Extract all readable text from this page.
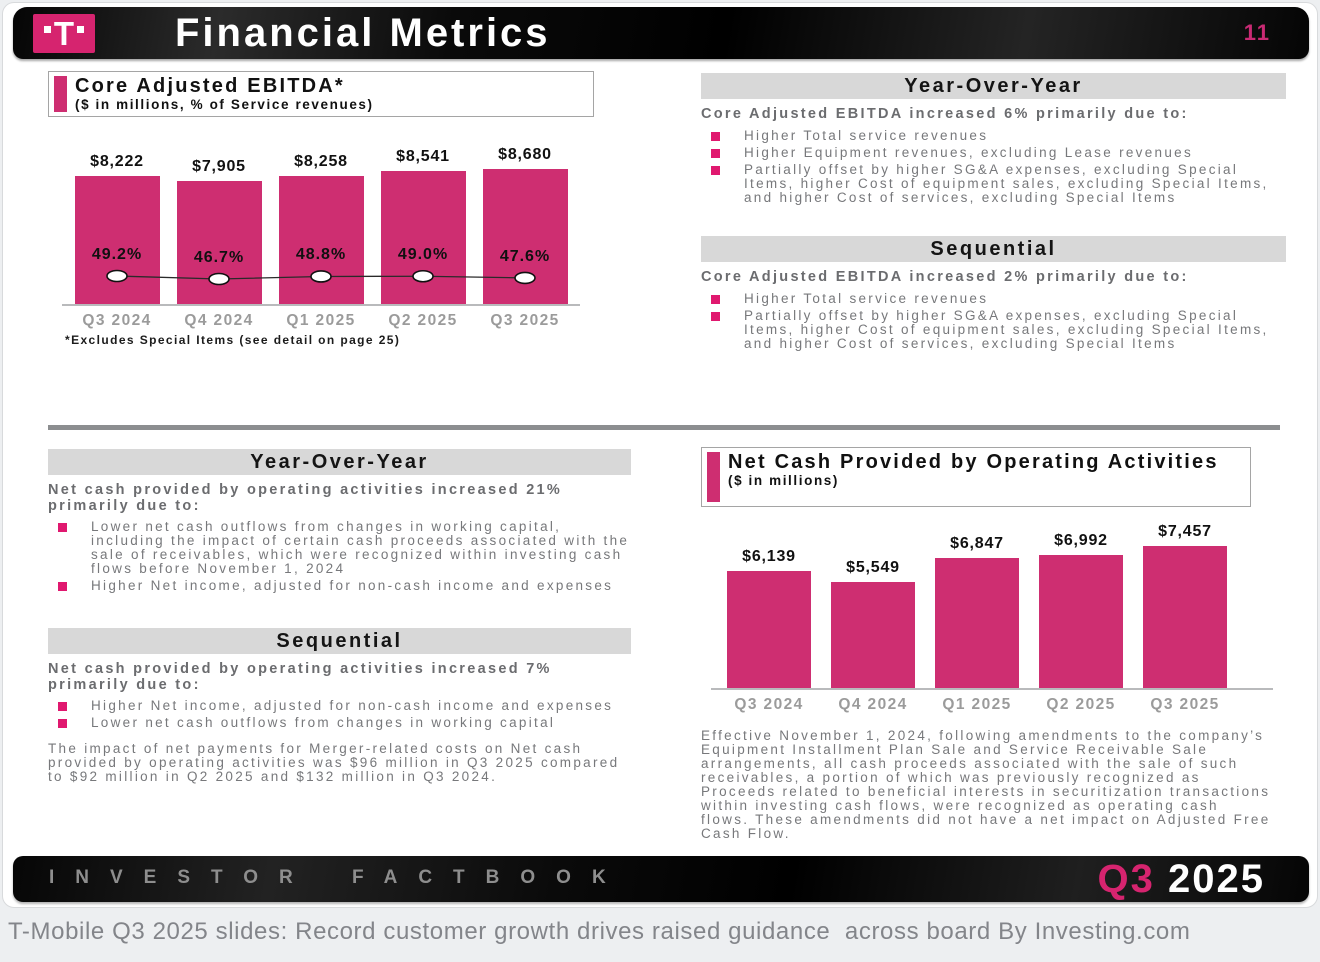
T	Financial Metrics	11
Core Adjusted EBITDA*
($ in millions, % of Service revenues)
$8,222
Q3 2024
$7,905
Q4 2024
$8,258
Q1 2025
$8,541
Q2 2025
$8,680
Q3 2025
49.2%	46.7%	48.8%	49.0%	47.6%
*Excludes Special Items (see detail on page 25)
Year-Over-Year
Core Adjusted EBITDA increased 6% primarily due to:
Higher Total service revenues
Higher Equipment revenues, excluding Lease revenues
Partially offset by higher SG&A expenses, excluding Special Items, higher Cost of equipment sales, excluding Special Items, and higher Cost of services, excluding Special Items
Sequential
Core Adjusted EBITDA increased 2% primarily due to:
Higher Total service revenues
Partially offset by higher SG&A expenses, excluding Special Items, higher Cost of equipment sales, excluding Special Items, and higher Cost of services, excluding Special Items
Year-Over-Year
Net cash provided by operating activities increased 21% primarily due to:
Lower net cash outflows from changes in working capital, including the impact of certain cash proceeds associated with the sale of receivables, which were recognized within investing cash flows before November 1, 2024
Higher Net income, adjusted for non-cash income and expenses
Sequential
Net cash provided by operating activities increased 7% primarily due to:
Higher Net income, adjusted for non-cash income and expenses
Lower net cash outflows from changes in working capital
The impact of net payments for Merger-related costs on Net cash provided by operating activities was $96 million in Q3 2025 compared to $92 million in Q2 2025 and $132 million in Q3 2024.
Net Cash Provided by Operating Activities
($ in millions)
$6,139
Q3 2024
$5,549
Q4 2024
$6,847
Q1 2025
$6,992
Q2 2025
$7,457
Q3 2025
Effective November 1, 2024, following amendments to the company’s Equipment Installment Plan Sale and Service Receivable Sale arrangements, all cash proceeds associated with the sale of such receivables, a portion of which was previously recognized as Proceeds related to beneficial interests in securitization transactions within investing cash flows, were recognized as operating cash flows. These amendments did not have a net impact on Adjusted Free Cash Flow.
INVESTOR FACTBOOK	Q3 2025
T-Mobile Q3 2025 slides: Record customer growth drives raised guidance  across board By Investing.com
